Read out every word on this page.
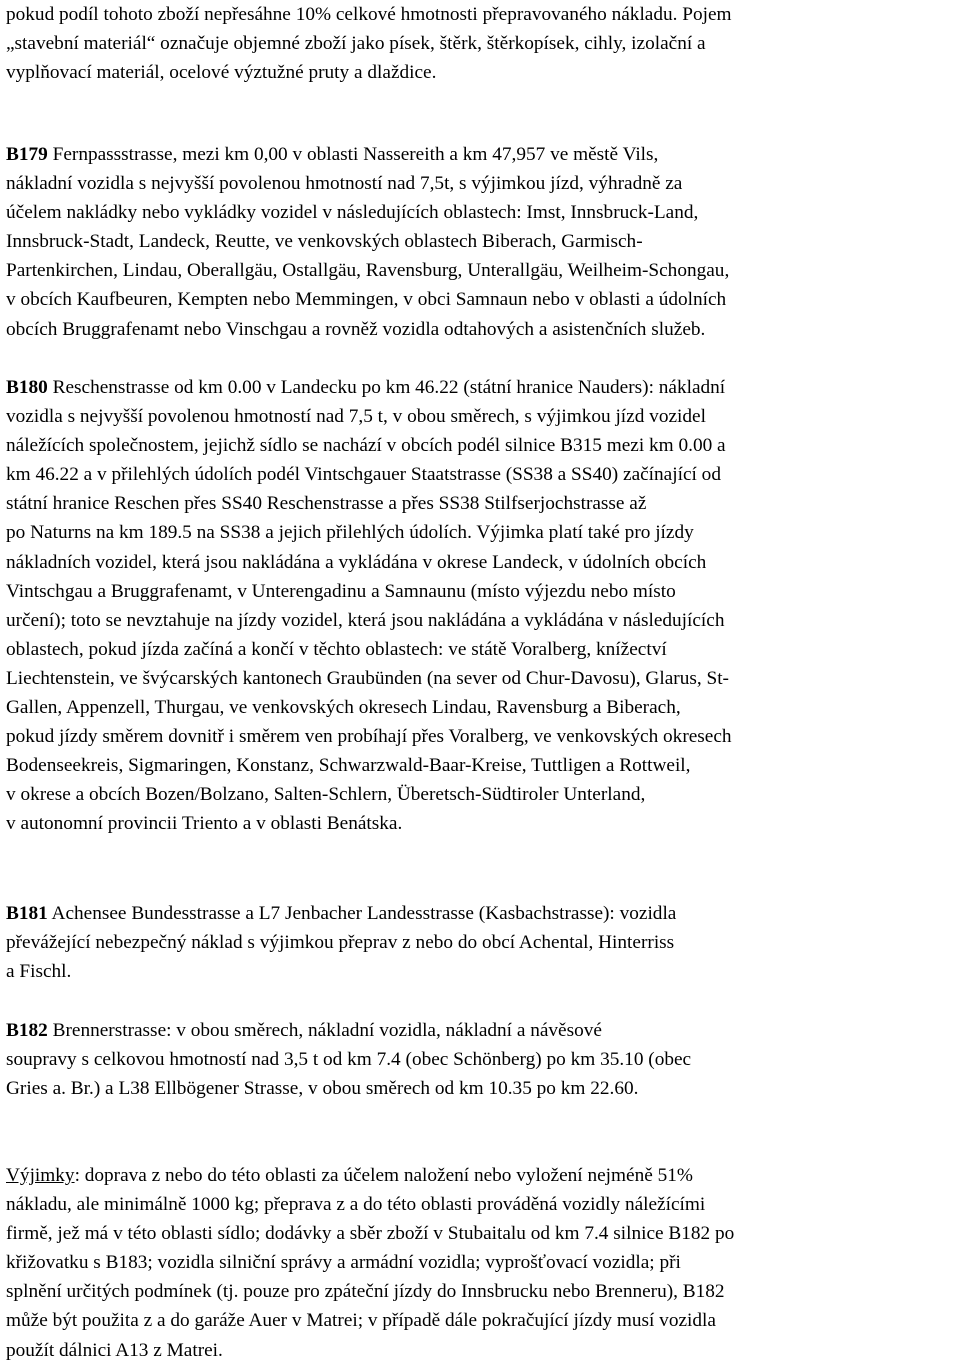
pokud podíl tohoto zboží nepřesáhne 10% celkové hmotnosti přepravovaného nákladu. Pojem
„stavební materiál“ označuje objemné zboží jako písek, štěrk, štěrkopísek, cihly, izolační a
vyplňovací materiál, ocelové výztužné pruty a dlaždice.

B179 Fernpassstrasse, mezi km 0,00 v oblasti Nassereith a km 47,957 ve městě Vils,
nákladní vozidla s nejvyšší povolenou hmotností nad 7,5t, s výjimkou jízd, výhradně za
účelem nakládky nebo vykládky vozidel v následujících oblastech: Imst, Innsbruck-Land,
Innsbruck-Stadt, Landeck, Reutte, ve venkovských oblastech Biberach, Garmisch-
Partenkirchen, Lindau, Oberallgäu, Ostallgäu, Ravensburg, Unterallgäu, Weilheim-Schongau,
v obcích Kaufbeuren, Kempten nebo Memmingen, v obci Samnaun nebo v oblasti a údolních
obcích Bruggrafenamt nebo Vinschgau a rovněž vozidla odtahových a asistenčních služeb.

B180 Reschenstrasse od km 0.00 v Landecku po km 46.22 (státní hranice Nauders): nákladní
vozidla s nejvyšší povolenou hmotností nad 7,5 t, v obou směrech, s výjimkou jízd vozidel
náležících společnostem, jejichž sídlo se nachází v obcích podél silnice B315 mezi km 0.00 a
km 46.22 a v přilehlých údolích podél Vintschgauer Staatstrasse (SS38 a SS40) začínající od
státní hranice Reschen přes SS40 Reschenstrasse a přes SS38 Stilfserjochstrasse až
po Naturns na km 189.5 na SS38 a jejich přilehlých údolích. Výjimka platí také pro jízdy
nákladních vozidel, která jsou nakládána a vykládána v okrese Landeck, v údolních obcích
Vintschgau a Bruggrafenamt, v Unterengadinu a Samnaunu (místo výjezdu nebo místo
určení); toto se nevztahuje na jízdy vozidel, která jsou nakládána a vykládána v následujících
oblastech, pokud jízda začíná a končí v těchto oblastech: ve státě Voralberg, knížectví
Liechtenstein, ve švýcarských kantonech Graubünden (na sever od Chur-Davosu), Glarus, St-
Gallen, Appenzell, Thurgau, ve venkovských okresech Lindau, Ravensburg a Biberach,
pokud jízdy směrem dovnitř i směrem ven probíhají přes Voralberg, ve venkovských okresech
Bodenseekreis, Sigmaringen, Konstanz, Schwarzwald-Baar-Kreise, Tuttligen a Rottweil,
v okrese a obcích Bozen/Bolzano, Salten-Schlern, Überetsch-Südtiroler Unterland,
v autonomní provincii Triento a v oblasti Benátska.

B181 Achensee Bundesstrasse a L7 Jenbacher Landesstrasse (Kasbachstrasse): vozidla
převážející nebezpečný náklad s výjimkou přeprav z nebo do obcí Achental, Hinterriss
a Fischl.

B182 Brennerstrasse: v obou směrech, nákladní vozidla, nákladní a návěsové
soupravy s celkovou hmotností nad 3,5 t od km 7.4 (obec Schönberg) po km 35.10 (obec
Gries a. Br.) a L38 Ellbögener Strasse, v obou směrech od km 10.35 po km 22.60.

Výjimky: doprava z nebo do této oblasti za účelem naložení nebo vyložení nejméně 51%
nákladu, ale minimálně 1000 kg; přeprava z a do této oblasti prováděná vozidly náležícími
firmě, jež má v této oblasti sídlo; dodávky a sběr zboží v Stubaitalu od km 7.4 silnice B182 po
křižovatku s B183; vozidla silniční správy a armádní vozidla; vyprošťovací vozidla; při
splnění určitých podmínek (tj. pouze pro zpáteční jízdy do Innsbrucku nebo Brenneru), B182
může být použita z a do garáže Auer v Matrei; v případě dále pokračující jízdy musí vozidla
použít dálnici A13 z Matrei.
